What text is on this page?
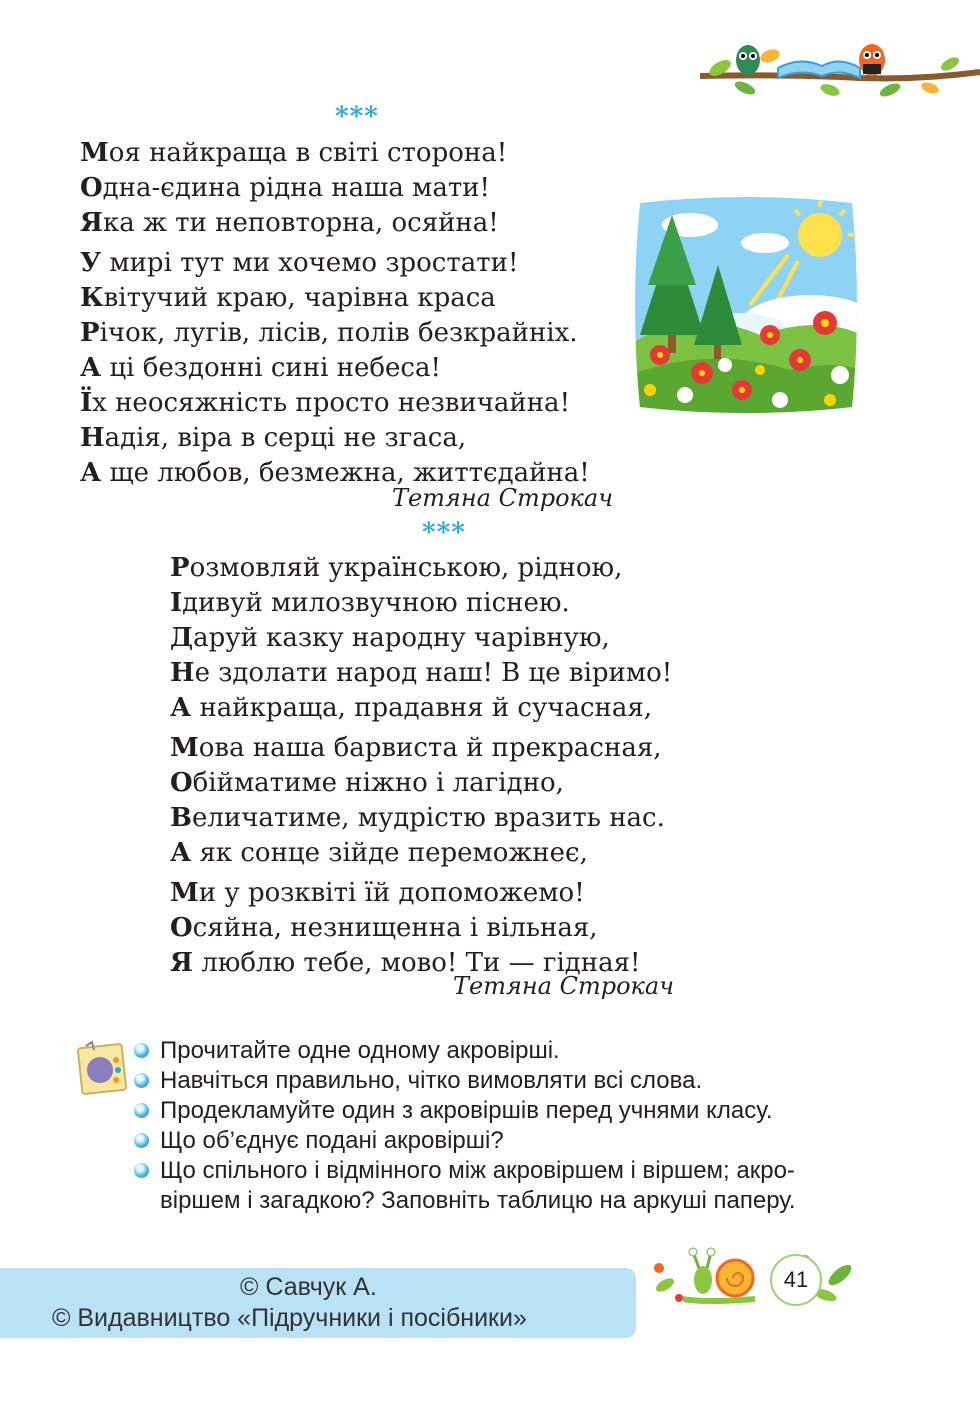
***
Моя найкраща в світі сторона!
Одна-єдина рідна наша мати!
Яка ж ти неповторна, осяйна!
У мирі тут ми хочемо зростати!
Квітучий краю, чарівна краса
Річок, лугів, лісів, полів безкрайніх.
А ці бездонні сині небеса!
Їх неосяжність просто незвичайна!
Надія, віра в серці не згаса,
А ще любов, безмежна, життєдайна!
Тетяна Строкач
***
Розмовляй українською, рідною,
Ідивуй милозвучною піснею.
Даруй казку народну чарівную,
Не здолати народ наш! В це віримо!
А найкраща, прадавня й сучасная,
Мова наша барвиста й прекрасная,
Обійматиме ніжно і лагідно,
Величатиме, мудрістю вразить нас.
А як сонце зійде переможнеє,
Ми у розквіті їй допоможемо!
Осяйна, незнищенна і вільная,
Я люблю тебе, мово! Ти — гідная!
Тетяна Строкач
Прочитайте одне одному акровірші.
Навчіться правильно, чітко вимовляти всі слова.
Продекламуйте один з акровіршів перед учнями класу.
Що об’єднує подані акровірші?
Що спільного і відмінного між акровіршем і віршем; акро-
віршем і загадкою? Заповніть таблицю на аркуші паперу.
© Савчук А.
© Видавництво «Підручники і посібники»
41
